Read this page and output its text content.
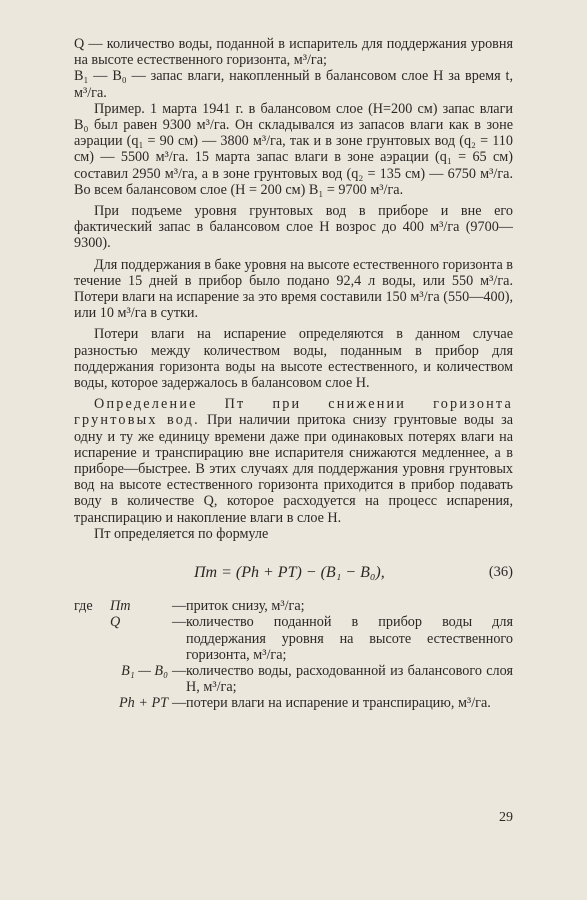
Q — количество воды, поданной в испаритель для поддержания уровня на высоте естественного горизонта, м³/га;

B₁ — B₀ — запас влаги, накопленный в балансовом слое H за время t, м³/га.

Пример. 1 марта 1941 г. в балансовом слое (H=200 см) запас влаги B₀ был равен 9300 м³/га. Он складывался из запасов влаги как в зоне аэрации (q₁ = 90 см) — 3800 м³/га, так и в зоне грунтовых вод (q₂ = 110 см) — 5500 м³/га. 15 марта запас влаги в зоне аэрации (q₁ = 65 см) составил 2950 м³/га, а в зоне грунтовых вод (q₂ = 135 см) — 6750 м³/га. Во всем балансовом слое (H = 200 см) B₁ = 9700 м³/га.

При подъеме уровня грунтовых вод в приборе и вне его фактический запас в балансовом слое H возрос до 400 м³/га (9700—9300).

Для поддержания в баке уровня на высоте естественного горизонта в течение 15 дней в прибор было подано 92,4 л воды, или 550 м³/га. Потери влаги на испарение за это время составили 150 м³/га (550—400), или 10 м³/га в сутки.

Потери влаги на испарение определяются в данном случае разностью между количеством воды, поданным в прибор для поддержания горизонта воды на высоте естественного, и количеством воды, которое задержалось в балансовом слое H.

Определение Пт при снижении горизонта грунтовых вод. При наличии притока снизу грунтовые воды за одну и ту же единицу времени даже при одинаковых потерях влаги на испарение и транспирацию вне испарителя снижаются медленнее, а в приборе—быстрее. В этих случаях для поддержания уровня грунтовых вод на высоте естественного горизонта приходится в прибор подавать воду в количестве Q, которое расходуется на процесс испарения, транспирацию и накопление влаги в слое H.

Пт определяется по формуле

Пт = (Ph + PT) − (B₁ − B₀),	(36)
где	Пт	— приток снизу, м³/га;
Q	— количество поданной в прибор воды для поддержания уровня на высоте естественного горизонта, м³/га;
B₁ — B₀ — количество воды, расходованной из балансового слоя H, м³/га;
Ph + PT — потери влаги на испарение и транспирацию, м³/га.
29
